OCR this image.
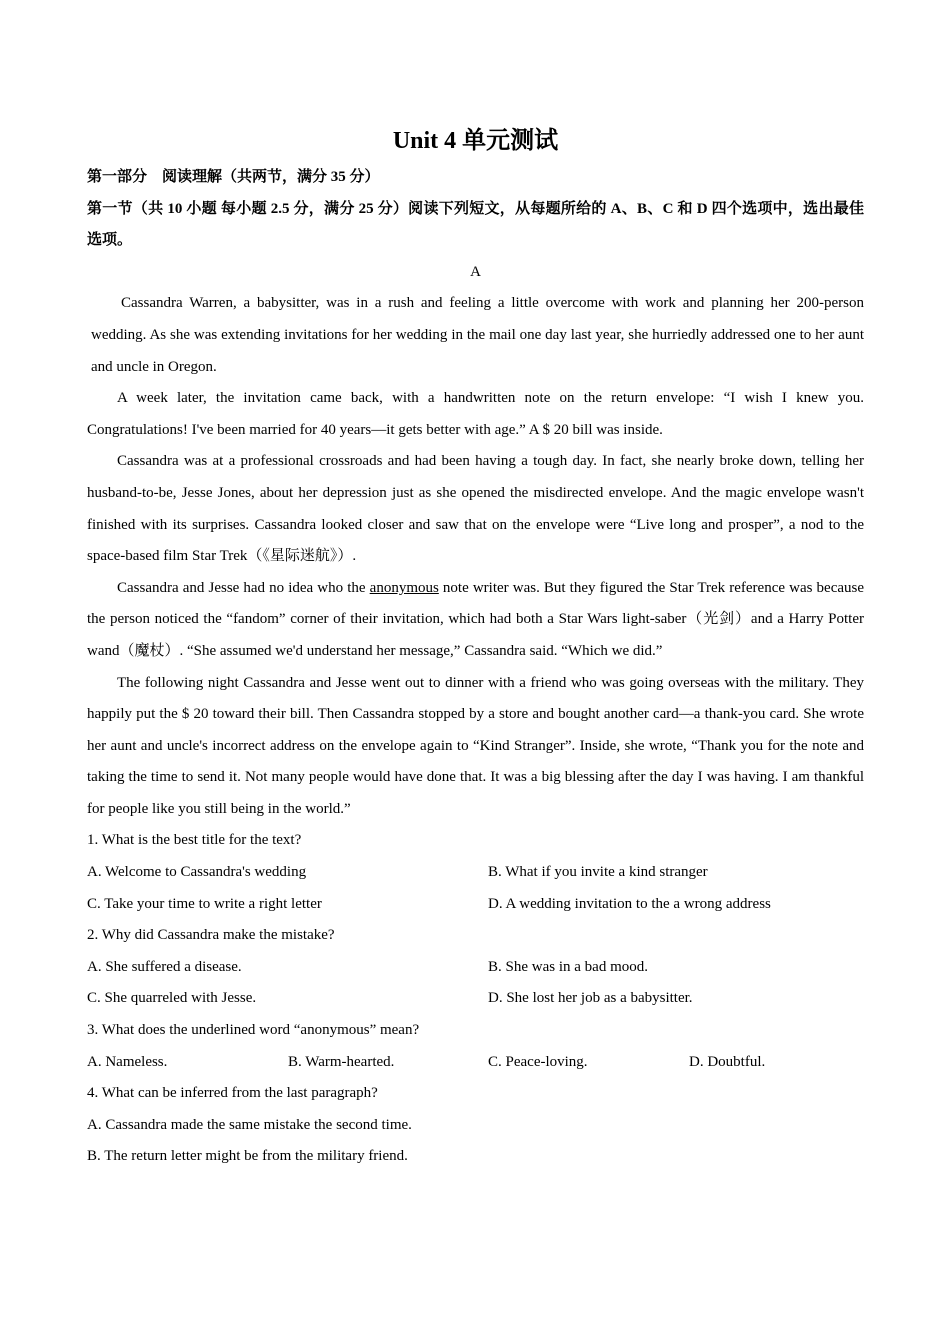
Unit 4 单元测试

第一部分　阅读理解（共两节，满分 35 分）

第一节（共 10 小题 每小题 2.5 分，满分 25 分）阅读下列短文，从每题所给的 A、B、C 和 D 四个选项中，选出最佳选项。

A

Cassandra Warren, a babysitter, was in a rush and feeling a little overcome with work and planning her 200-person wedding. As she was extending invitations for her wedding in the mail one day last year, she hurriedly addressed one to her aunt and uncle in Oregon.

A week later, the invitation came back, with a handwritten note on the return envelope: “I wish I knew you. Congratulations! I've been married for 40 years—it gets better with age.” A $ 20 bill was inside.

Cassandra was at a professional crossroads and had been having a tough day. In fact, she nearly broke down, telling her husband-to-be, Jesse Jones, about her depression just as she opened the misdirected envelope. And the magic envelope wasn't finished with its surprises. Cassandra looked closer and saw that on the envelope were “Live long and prosper”, a nod to the space-based film Star Trek（《星际迷航》）.

Cassandra and Jesse had no idea who the anonymous note writer was. But they figured the Star Trek reference was because the person noticed the “fandom” corner of their invitation, which had both a Star Wars light-saber（光剑）and a Harry Potter wand（魔杖）. “She assumed we'd understand her message,” Cassandra said. “Which we did.”

The following night Cassandra and Jesse went out to dinner with a friend who was going overseas with the military. They happily put the $ 20 toward their bill. Then Cassandra stopped by a store and bought another card—a thank-you card. She wrote her aunt and uncle's incorrect address on the envelope again to “Kind Stranger”. Inside, she wrote, “Thank you for the note and taking the time to send it. Not many people would have done that. It was a big blessing after the day I was having. I am thankful for people like you still being in the world.”

1. What is the best title for the text?

A. Welcome to Cassandra's wedding	B. What if you invite a kind stranger
C. Take your time to write a right letter	D. A wedding invitation to the a wrong address

2. Why did Cassandra make the mistake?

A. She suffered a disease.	B. She was in a bad mood.
C. She quarreled with Jesse.	D. She lost her job as a babysitter.

3. What does the underlined word “anonymous” mean?

A. Nameless.	B. Warm-hearted.	C. Peace-loving.	D. Doubtful.

4. What can be inferred from the last paragraph?

A. Cassandra made the same mistake the second time.
B. The return letter might be from the military friend.
